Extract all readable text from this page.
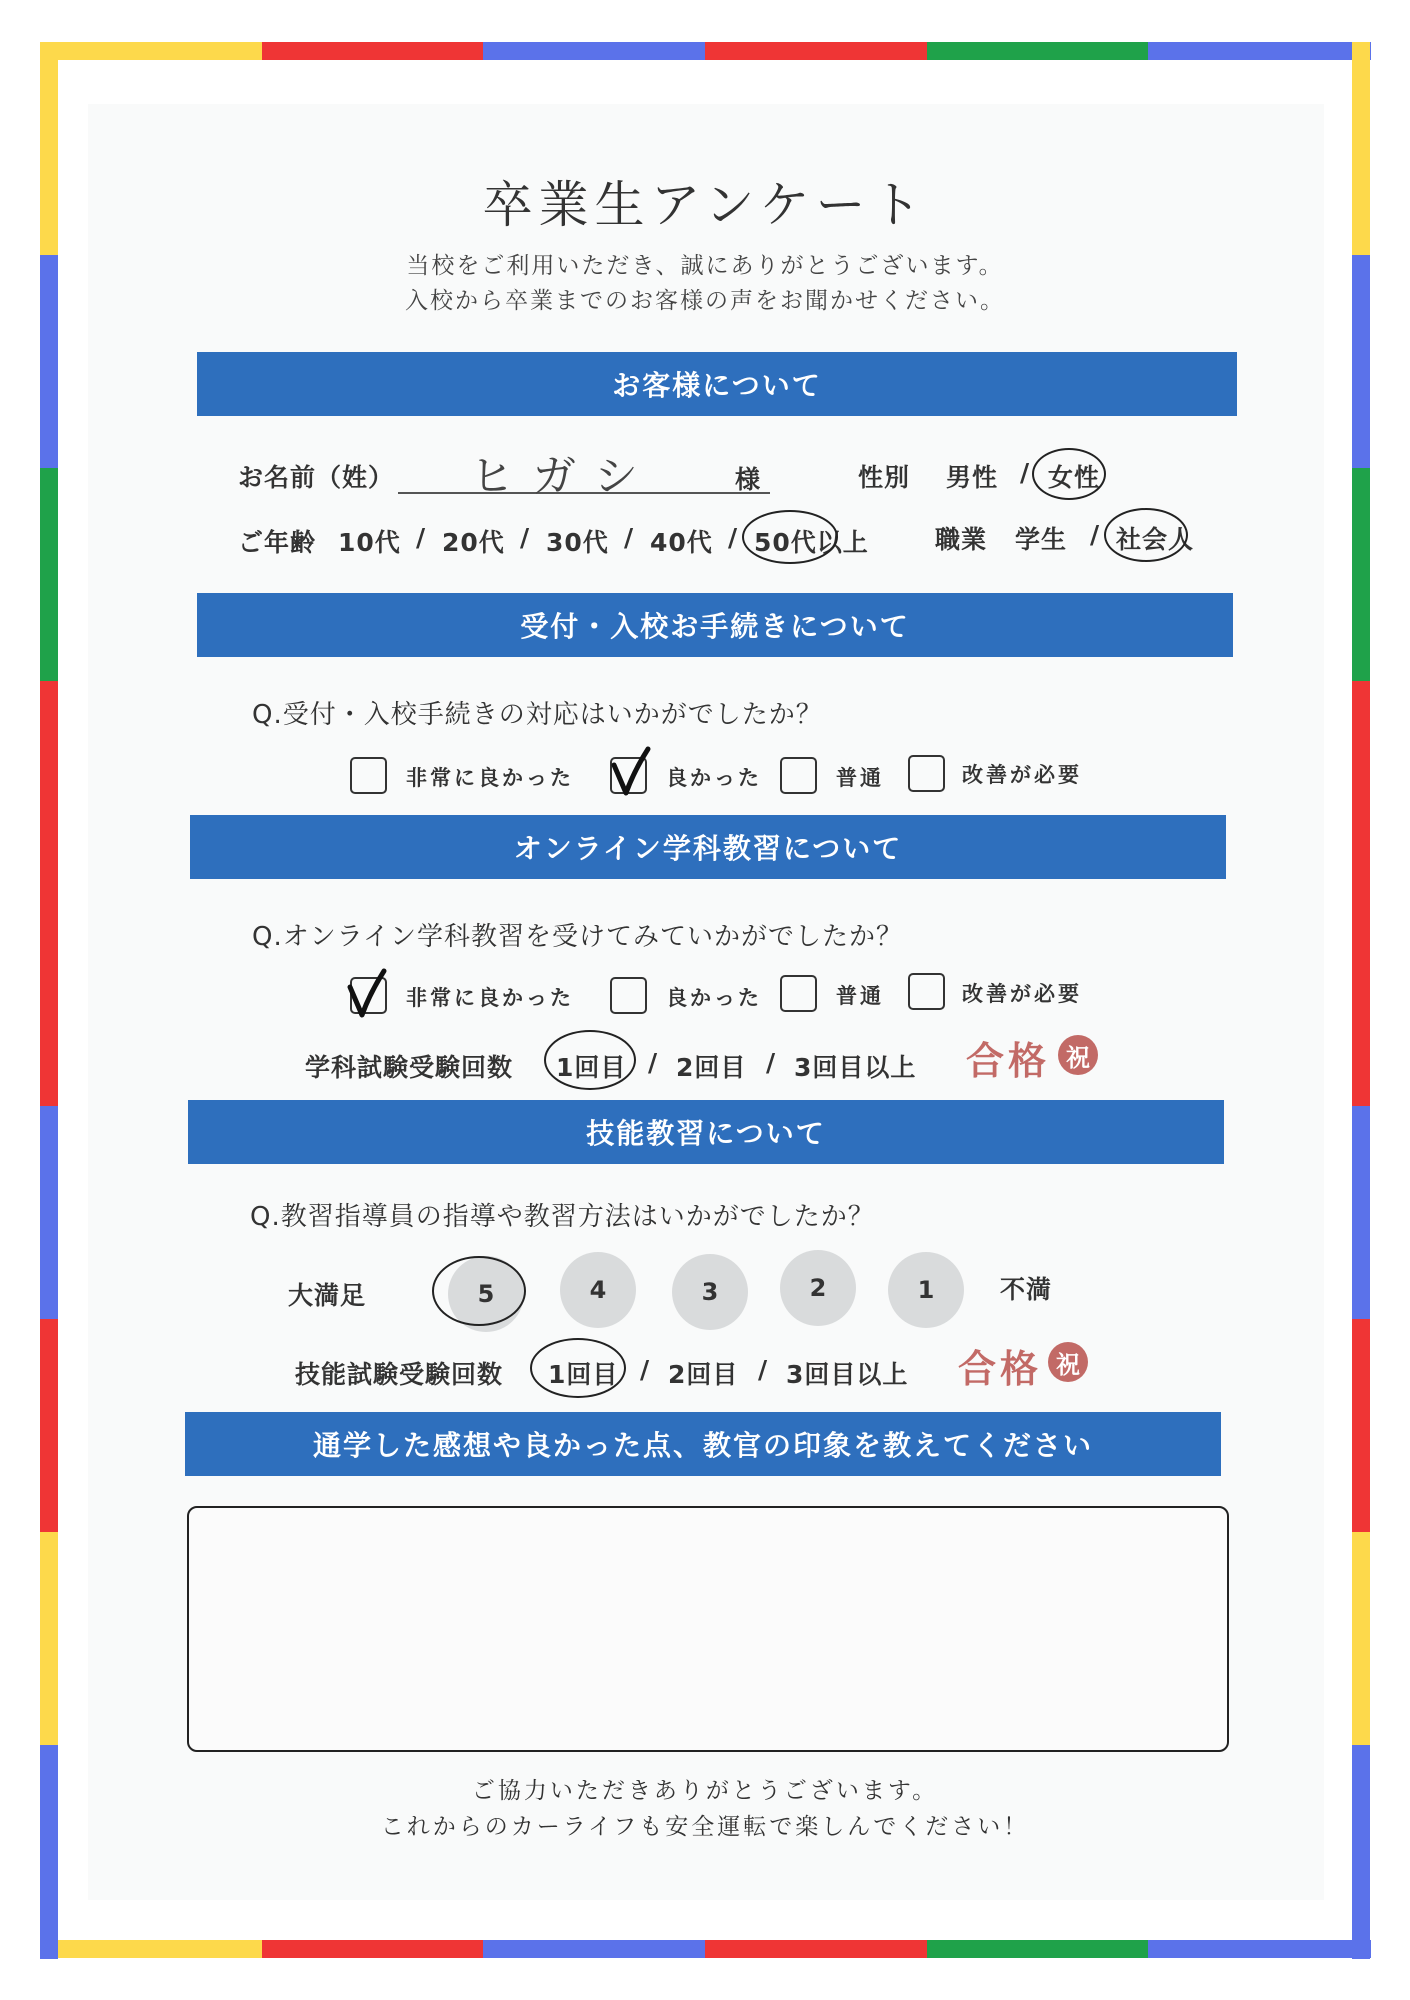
卒業生アンケート
当校をご利用いただき、誠にありがとうございます。
入校から卒業までのお客様の声をお聞かせください。
お客様について
お名前（姓） ヒガシ	様	性別 男性 / 女性
ご年齢 10代 / 20代 / 30代 / 40代 / 50代以上	職業 学生 / 社会人
受付・入校お手続きについて
Q.受付・入校手続きの対応はいかがでしたか？
非常に良かった	良かった	普通	改善が必要
オンライン学科教習について
Q.オンライン学科教習を受けてみていかがでしたか？
非常に良かった	良かった	普通	改善が必要
学科試験受験回数 1回目 / 2回目 / 3回目以上 合格 祝
技能教習について
Q.教習指導員の指導や教習方法はいかがでしたか？
大満足	5	4	3	2	1	不満
技能試験受験回数 1回目 / 2回目 / 3回目以上 合格 祝
通学した感想や良かった点、教官の印象を教えてください
ご協力いただきありがとうございます。
これからのカーライフも安全運転で楽しんでください！
